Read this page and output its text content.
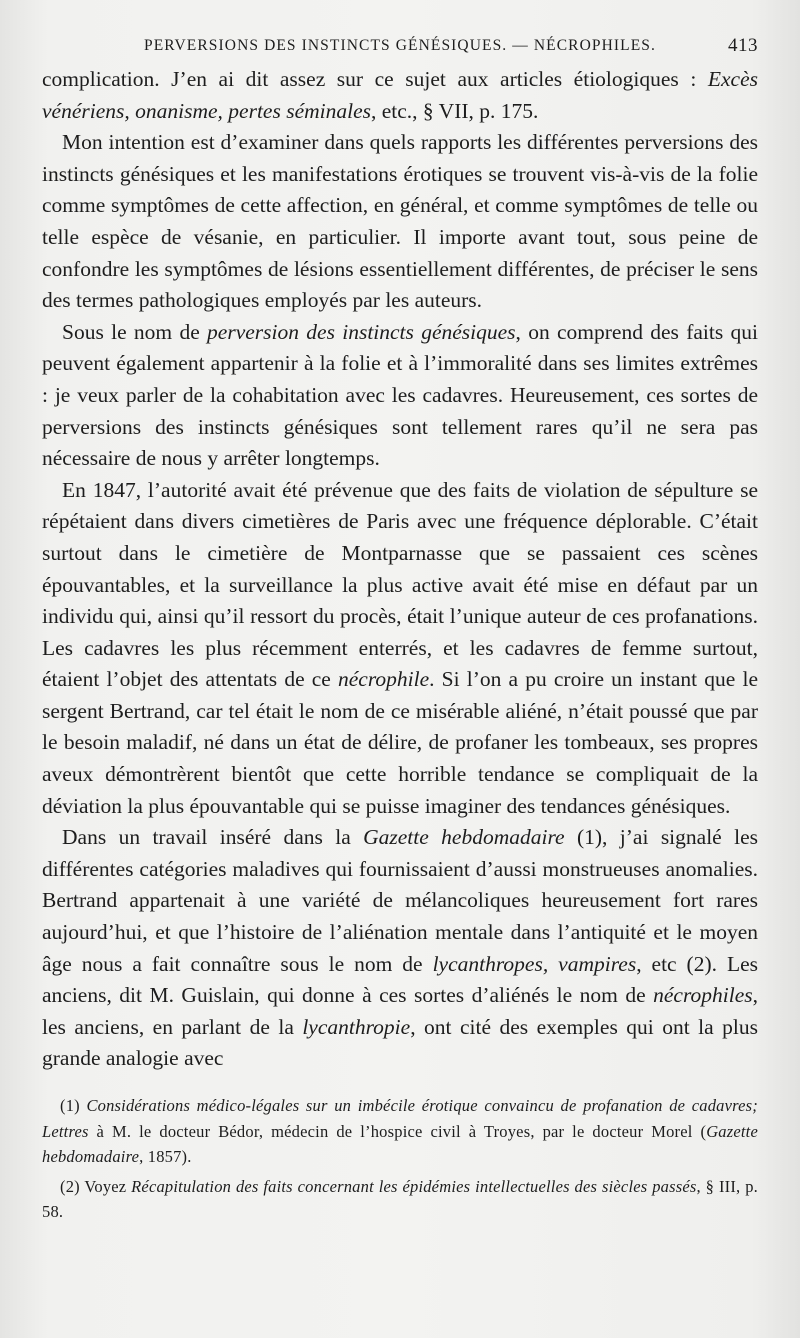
PERVERSIONS DES INSTINCTS GÉNÉSIQUES. — NÉCROPHILES.	413

complication. J’en ai dit assez sur ce sujet aux articles étiologiques : Excès vénériens, onanisme, pertes séminales, etc., § VII, p. 175.

Mon intention est d’examiner dans quels rapports les différentes perversions des instincts génésiques et les manifestations érotiques se trouvent vis-à-vis de la folie comme symptômes de cette affection, en général, et comme symptômes de telle ou telle espèce de vésanie, en particulier. Il importe avant tout, sous peine de confondre les symptômes de lésions essentiellement différentes, de préciser le sens des termes pathologiques employés par les auteurs.

Sous le nom de perversion des instincts génésiques, on comprend des faits qui peuvent également appartenir à la folie et à l’immoralité dans ses limites extrêmes : je veux parler de la cohabitation avec les cadavres. Heureusement, ces sortes de perversions des instincts génésiques sont tellement rares qu’il ne sera pas nécessaire de nous y arrêter longtemps.

En 1847, l’autorité avait été prévenue que des faits de violation de sépulture se répétaient dans divers cimetières de Paris avec une fréquence déplorable. C’était surtout dans le cimetière de Montparnasse que se passaient ces scènes épouvantables, et la surveillance la plus active avait été mise en défaut par un individu qui, ainsi qu’il ressort du procès, était l’unique auteur de ces profanations. Les cadavres les plus récemment enterrés, et les cadavres de femme surtout, étaient l’objet des attentats de ce nécrophile. Si l’on a pu croire un instant que le sergent Bertrand, car tel était le nom de ce misérable aliéné, n’était poussé que par le besoin maladif, né dans un état de délire, de profaner les tombeaux, ses propres aveux démontrèrent bientôt que cette horrible tendance se compliquait de la déviation la plus épouvantable qui se puisse imaginer des tendances génésiques.

Dans un travail inséré dans la Gazette hebdomadaire (1), j’ai signalé les différentes catégories maladives qui fournissaient d’aussi monstrueuses anomalies. Bertrand appartenait à une variété de mélancoliques heureusement fort rares aujourd’hui, et que l’histoire de l’aliénation mentale dans l’antiquité et le moyen âge nous a fait connaître sous le nom de lycanthropes, vampires, etc (2). Les anciens, dit M. Guislain, qui donne à ces sortes d’aliénés le nom de nécrophiles, les anciens, en parlant de la lycanthropie, ont cité des exemples qui ont la plus grande analogie avec

(1) Considérations médico-légales sur un imbécile érotique convaincu de profanation de cadavres; Lettres à M. le docteur Bédor, médecin de l’hospice civil à Troyes, par le docteur Morel (Gazette hebdomadaire, 1857).

(2) Voyez Récapitulation des faits concernant les épidémies intellectuelles des siècles passés, § III, p. 58.
